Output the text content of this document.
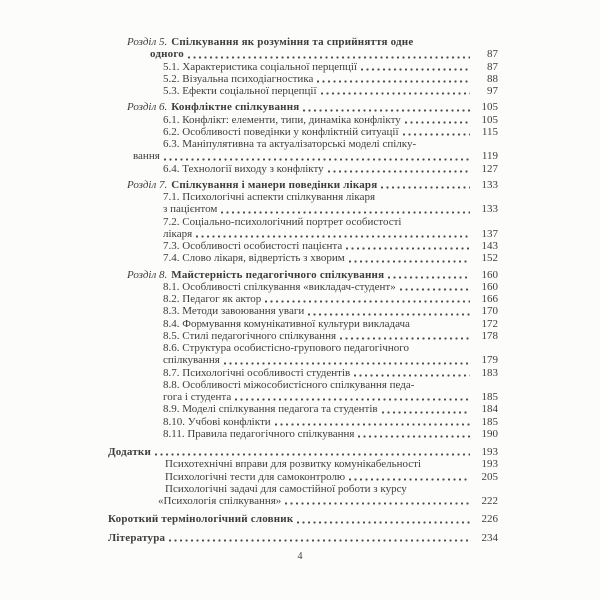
Розділ 5. Спілкування як розуміння та сприйняття одне
одного	87
5.1. Характеристика соціальної перцепції	87
5.2. Візуальна психодіагностика	88
5.3. Ефекти соціальної перцепції	97
Розділ 6. Конфліктне спілкування	105
6.1. Конфлікт: елементи, типи, динаміка конфлікту	105
6.2. Особливості поведінки у конфліктній ситуації	115
6.3. Маніпулятивна та актуалізаторські моделі спілку-
вання	119
6.4. Технології виходу з конфлікту	127
Розділ 7. Спілкування і манери поведінки лікаря	133
7.1. Психологічні аспекти спілкування лікаря
з пацієнтом	133
7.2. Соціально-психологічний портрет особистості
лікаря	137
7.3. Особливості особистості пацієнта	143
7.4. Слово лікаря, відвертість з хворим	152
Розділ 8. Майстерність педагогічного спілкування	160
8.1. Особливості спілкування «викладач-студент»	160
8.2. Педагог як актор	166
8.3. Методи завоювання уваги	170
8.4. Формування комунікативної культури викладача	172
8.5. Стилі педагогічного спілкування	178
8.6. Структура особистісно-групового педагогічного
спілкування	179
8.7. Психологічні особливості студентів	183
8.8. Особливості міжособистісного спілкування педа-
гога і студента	185
8.9. Моделі спілкування педагога та студентів	184
8.10. Учбові конфлікти	185
8.11. Правила педагогічного спілкування	190
Додатки	193
Психотехнічні вправи для розвитку комунікабельності	193
Психологічні тести для самоконтролю	205
Психологічні задачі для самостійної роботи з курсу
«Психологія спілкування»	222
Короткий термінологічний словник	226
Література	234
4
